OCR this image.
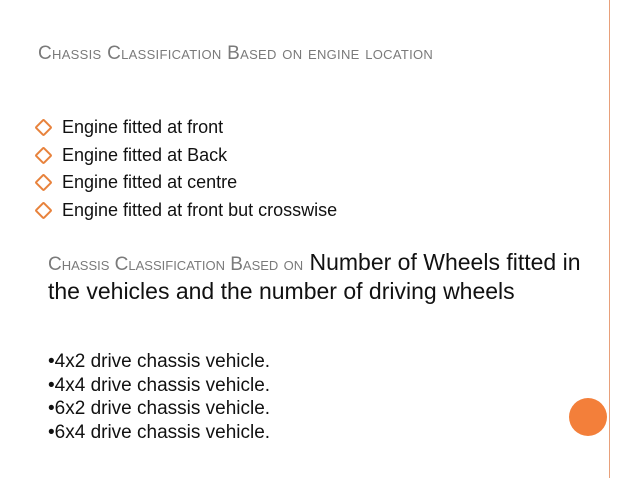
Chassis Classification Based on engine location
Engine fitted at front
Engine fitted at Back
Engine fitted at centre
Engine fitted at front but crosswise
Chassis Classification Based on Number of Wheels fitted in the vehicles and the number of driving wheels
•4x2 drive chassis vehicle.
•4x4 drive chassis vehicle.
•6x2 drive chassis vehicle.
•6x4 drive chassis vehicle.
